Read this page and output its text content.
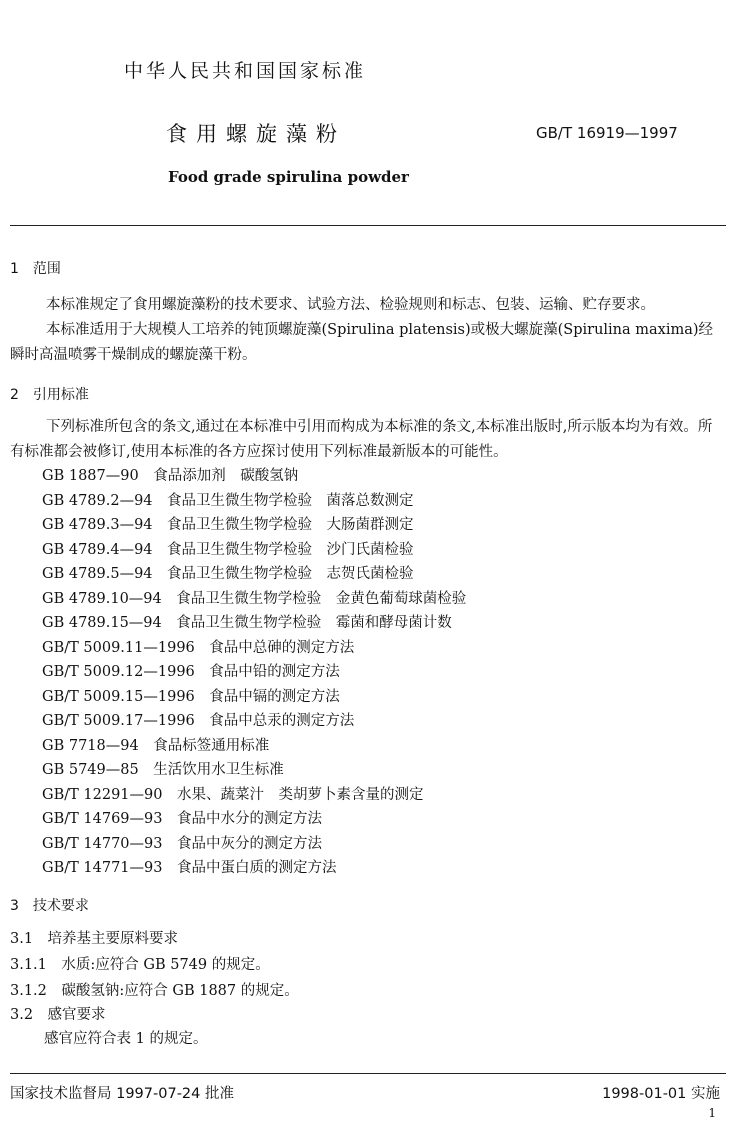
中华人民共和国国家标准
食用螺旋藻粉	GB/T 16919—1997
Food grade spirulina powder
1　范围
本标准规定了食用螺旋藻粉的技术要求、试验方法、检验规则和标志、包装、运输、贮存要求。
本标准适用于大规模人工培养的钝顶螺旋藻(Spirulina platensis)或极大螺旋藻(Spirulina maxima)经瞬时高温喷雾干燥制成的螺旋藻干粉。
2　引用标准
下列标准所包含的条文,通过在本标准中引用而构成为本标准的条文,本标准出版时,所示版本均为有效。所有标准都会被修订,使用本标准的各方应探讨使用下列标准最新版本的可能性。
GB 1887—90　食品添加剂　碳酸氢钠
GB 4789.2—94　食品卫生微生物学检验　菌落总数测定
GB 4789.3—94　食品卫生微生物学检验　大肠菌群测定
GB 4789.4—94　食品卫生微生物学检验　沙门氏菌检验
GB 4789.5—94　食品卫生微生物学检验　志贺氏菌检验
GB 4789.10—94　食品卫生微生物学检验　金黄色葡萄球菌检验
GB 4789.15—94　食品卫生微生物学检验　霉菌和酵母菌计数
GB/T 5009.11—1996　食品中总砷的测定方法
GB/T 5009.12—1996　食品中铅的测定方法
GB/T 5009.15—1996　食品中镉的测定方法
GB/T 5009.17—1996　食品中总汞的测定方法
GB 7718—94　食品标签通用标准
GB 5749—85　生活饮用水卫生标准
GB/T 12291—90　水果、蔬菜汁　类胡萝卜素含量的测定
GB/T 14769—93　食品中水分的测定方法
GB/T 14770—93　食品中灰分的测定方法
GB/T 14771—93　食品中蛋白质的测定方法
3　技术要求
3.1　培养基主要原料要求
3.1.1　水质:应符合 GB 5749 的规定。
3.1.2　碳酸氢钠:应符合 GB 1887 的规定。
3.2　感官要求
感官应符合表 1 的规定。
国家技术监督局 1997-07-24 批准	1998-01-01 实施
1
